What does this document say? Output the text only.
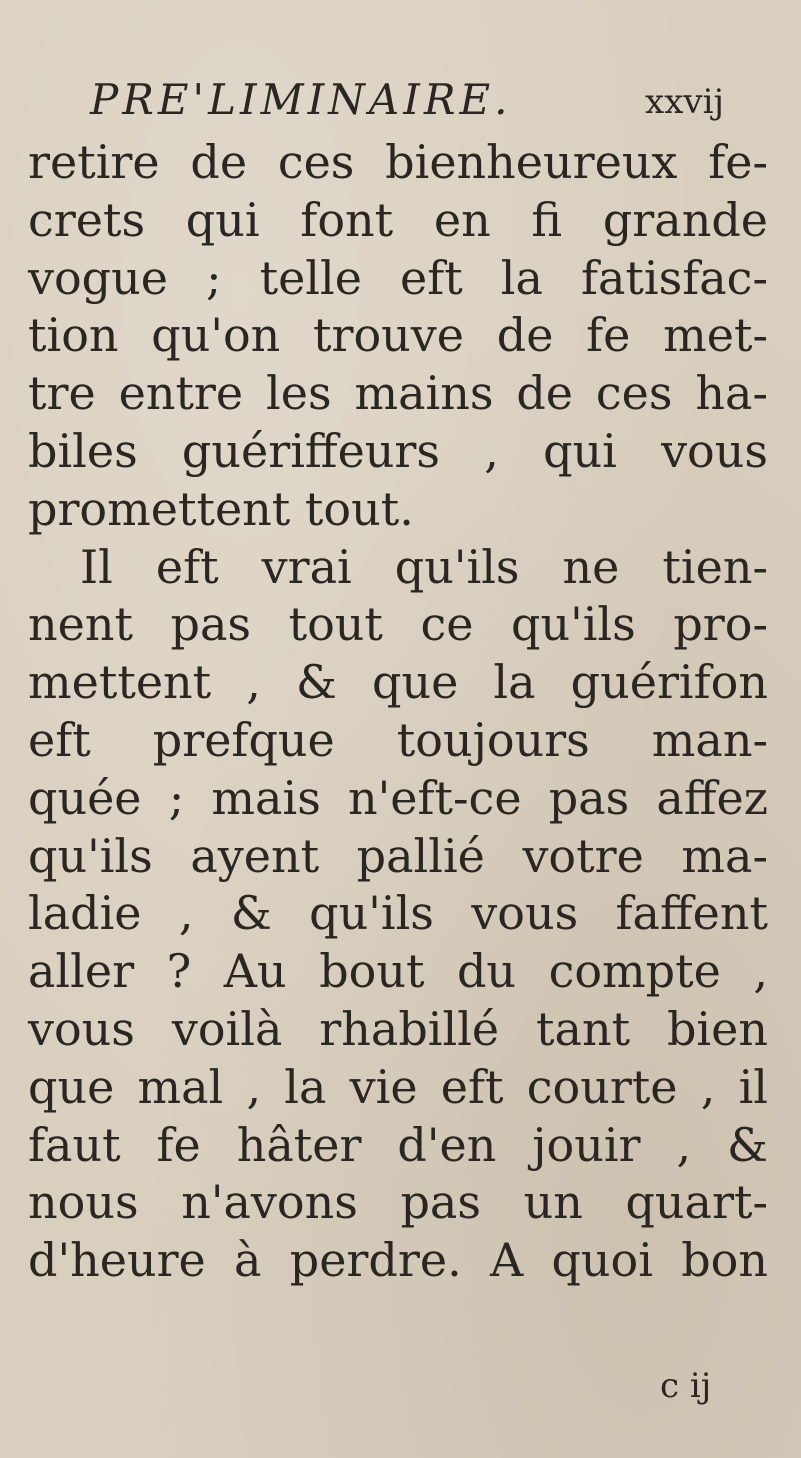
PRE'LIMINAIRE.	xxvij
retire de ces bienheureux fe-
crets qui font en fi grande
vogue ; telle eft la fatisfac-
tion qu'on trouve de fe met-
tre entre les mains de ces ha-
biles guériffeurs , qui vous
promettent tout.
Il eft vrai qu'ils ne tien-
nent pas tout ce qu'ils pro-
mettent , & que la guérifon
eft prefque toujours man-
quée ; mais n'eft-ce pas affez
qu'ils ayent pallié votre ma-
ladie , & qu'ils vous faffent
aller ? Au bout du compte ,
vous voilà rhabillé tant bien
que mal , la vie eft courte , il
faut fe hâter d'en jouir , &
nous n'avons pas un quart-
d'heure à perdre. A quoi bon
c ij
